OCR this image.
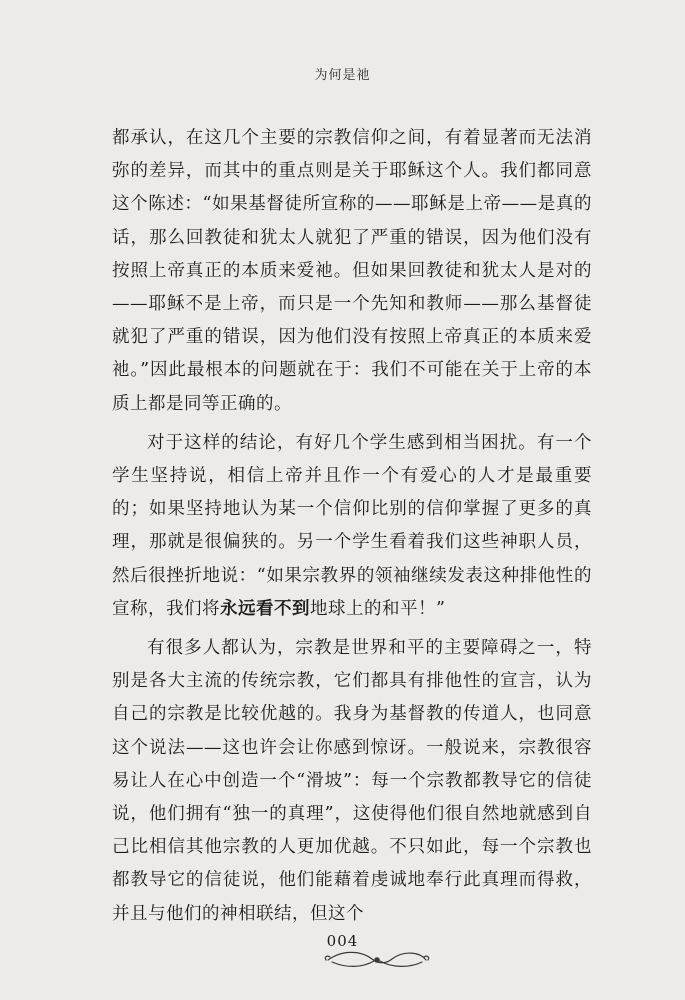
为何是祂

都承认，在这几个主要的宗教信仰之间，有着显著而无法消弥的差异，而其中的重点则是关于耶稣这个人。我们都同意这个陈述：“如果基督徒所宣称的——耶稣是上帝——是真的话，那么回教徒和犹太人就犯了严重的错误，因为他们没有按照上帝真正的本质来爱祂。但如果回教徒和犹太人是对的——耶稣不是上帝，而只是一个先知和教师——那么基督徒就犯了严重的错误，因为他们没有按照上帝真正的本质来爱祂。”因此最根本的问题就在于：我们不可能在关于上帝的本质上都是同等正确的。

对于这样的结论，有好几个学生感到相当困扰。有一个学生坚持说，相信上帝并且作一个有爱心的人才是最重要的；如果坚持地认为某一个信仰比别的信仰掌握了更多的真理，那就是很偏狭的。另一个学生看着我们这些神职人员，然后很挫折地说：“如果宗教界的领袖继续发表这种排他性的宣称，我们将永远看不到地球上的和平！”

有很多人都认为，宗教是世界和平的主要障碍之一，特别是各大主流的传统宗教，它们都具有排他性的宣言，认为自己的宗教是比较优越的。我身为基督教的传道人，也同意这个说法——这也许会让你感到惊讶。一般说来，宗教很容易让人在心中创造一个“滑坡”：每一个宗教都教导它的信徒说，他们拥有“独一的真理”，这使得他们很自然地就感到自己比相信其他宗教的人更加优越。不只如此，每一个宗教也都教导它的信徒说，他们能藉着虔诚地奉行此真理而得救，并且与他们的神相联结，但这个

004
